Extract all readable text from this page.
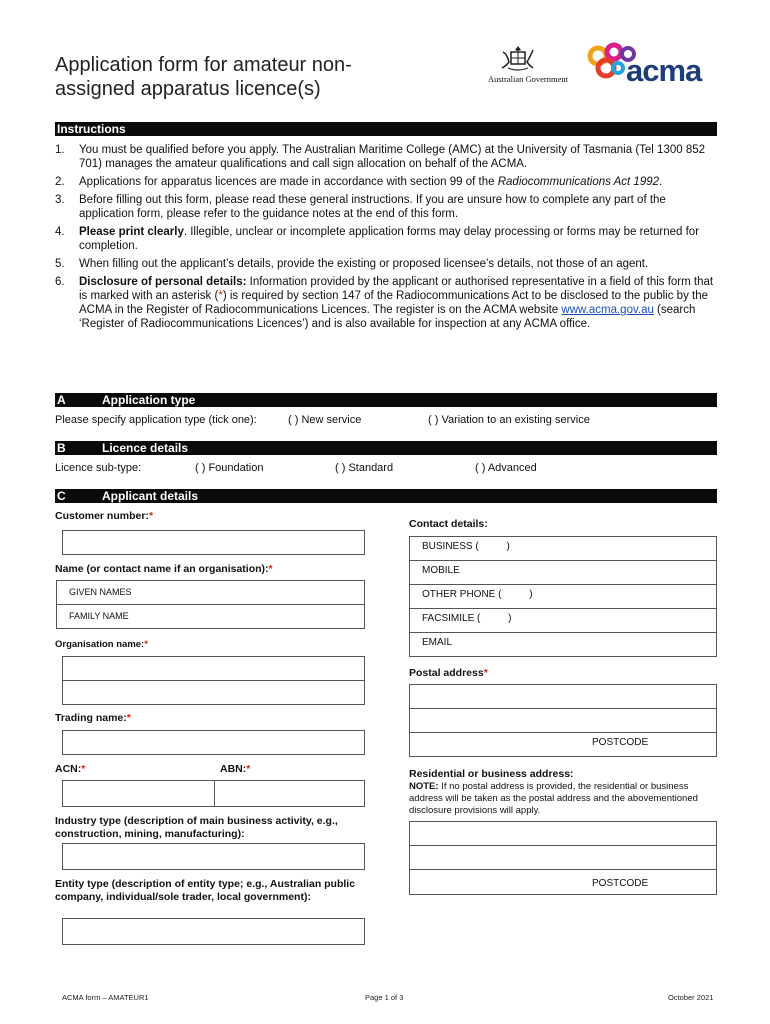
Application form for amateur non-assigned apparatus licence(s)	Australian Government	acma
Instructions
1. You must be qualified before you apply. The Australian Maritime College (AMC) at the University of Tasmania (Tel 1300 852 701) manages the amateur qualifications and call sign allocation on behalf of the ACMA.
2. Applications for apparatus licences are made in accordance with section 99 of the Radiocommunications Act 1992.
3. Before filling out this form, please read these general instructions. If you are unsure how to complete any part of the application form, please refer to the guidance notes at the end of this form.
4. Please print clearly. Illegible, unclear or incomplete application forms may delay processing or forms may be returned for completion.
5. When filling out the applicant’s details, provide the existing or proposed licensee’s details, not those of an agent.
6. Disclosure of personal details: Information provided by the applicant or authorised representative in a field of this form that is marked with an asterisk (*) is required by section 147 of the Radiocommunications Act to be disclosed to the public by the ACMA in the Register of Radiocommunications Licences. The register is on the ACMA website www.acma.gov.au (search ‘Register of Radiocommunications Licences’) and is also available for inspection at any ACMA office.
A	Application type
Please specify application type (tick one):	( ) New service	( ) Variation to an existing service
B	Licence details
Licence sub-type:	( ) Foundation	( ) Standard	( ) Advanced
C	Applicant details
Customer number:*
Name (or contact name if an organisation):*
GIVEN NAMES
FAMILY NAME
Organisation name:*
Trading name:*
ACN:*	ABN:*
Industry type (description of main business activity, e.g., construction, mining, manufacturing):
Entity type (description of entity type; e.g., Australian public company, individual/sole trader, local government):
Contact details:
BUSINESS (          )
MOBILE
OTHER PHONE (          )
FACSIMILE (          )
EMAIL
Postal address*
POSTCODE
Residential or business address:
NOTE: If no postal address is provided, the residential or business address will be taken as the postal address and the abovementioned disclosure provisions will apply.
POSTCODE
ACMA form – AMATEUR1	Page 1 of 3	October 2021
